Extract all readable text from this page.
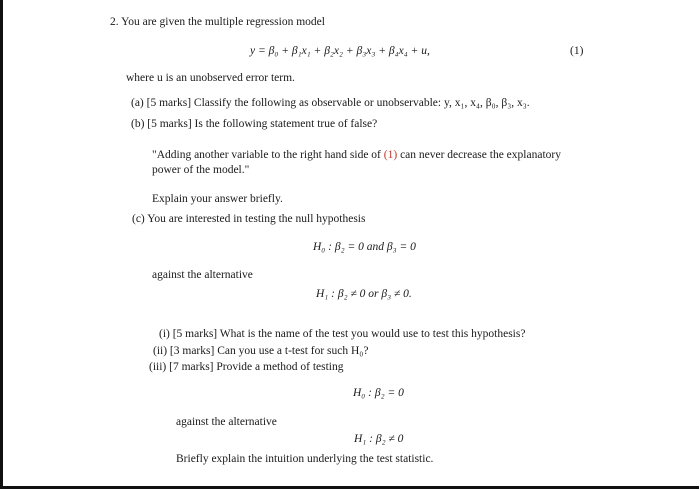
2. You are given the multiple regression model
y = β₀ + β₁x₁ + β₂x₂ + β₃x₃ + β₄x₄ + u,	(1)
where u is an unobserved error term.
(a) [5 marks] Classify the following as observable or unobservable: y, x₁, x₄, β₀, β₃, x₃.
(b) [5 marks] Is the following statement true of false?
"Adding another variable to the right hand side of (1) can never decrease the explanatory
power of the model."
Explain your answer briefly.
(c) You are interested in testing the null hypothesis
H₀ : β₂ = 0 and β₃ = 0
against the alternative
H₁ : β₂ ≠ 0 or β₃ ≠ 0.
(i) [5 marks] What is the name of the test you would use to test this hypothesis?
(ii) [3 marks] Can you use a t-test for such H₀?
(iii) [7 marks] Provide a method of testing
H₀ : β₂ = 0
against the alternative
H₁ : β₂ ≠ 0
Briefly explain the intuition underlying the test statistic.
